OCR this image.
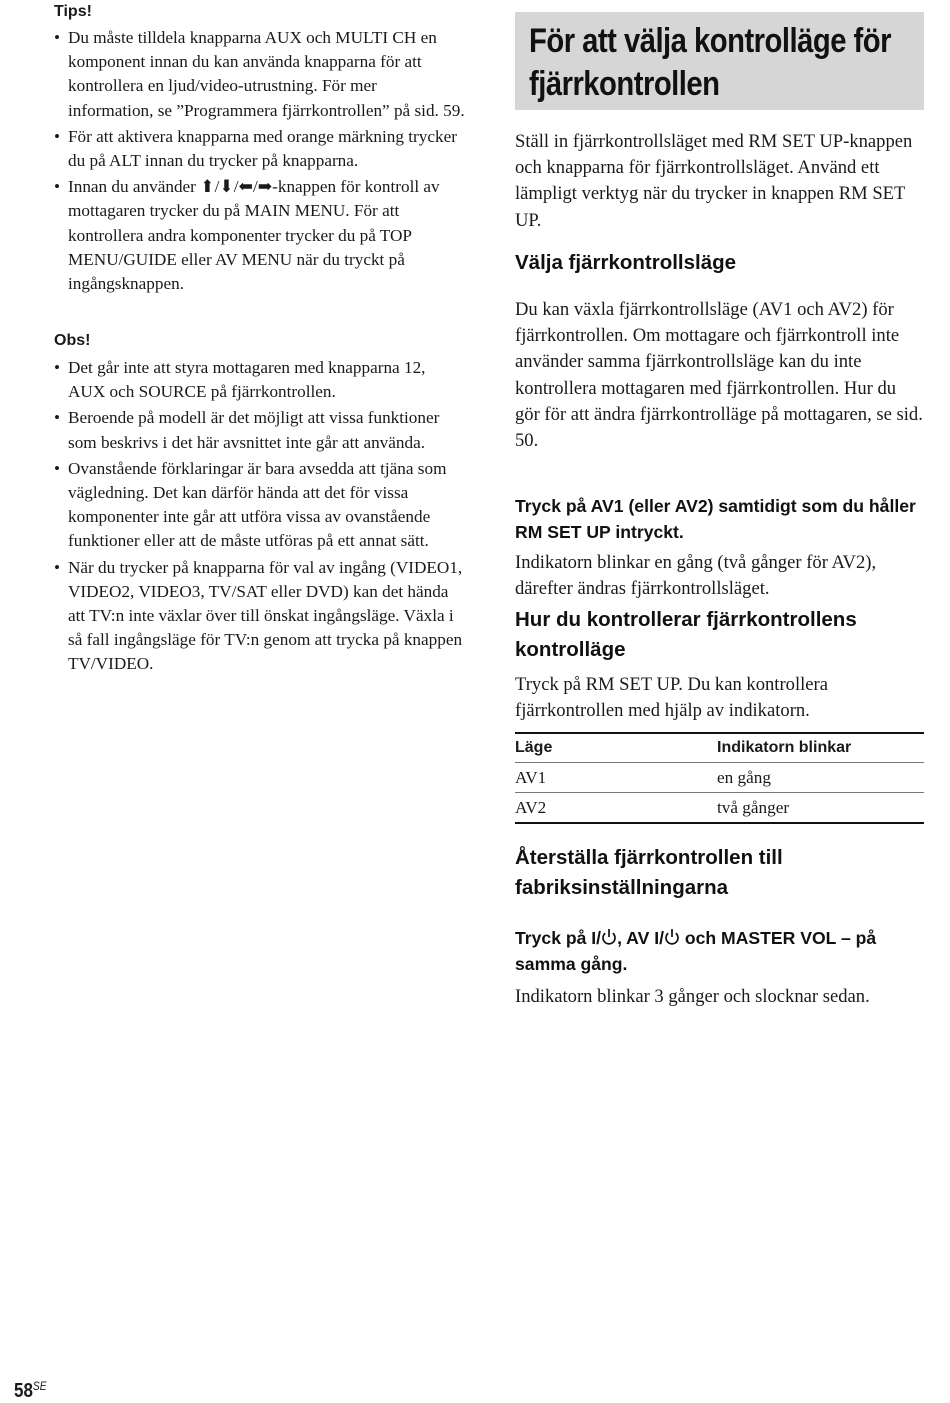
Tips!

• Du måste tilldela knapparna AUX och MULTI CH en komponent innan du kan använda knapparna för att kontrollera en ljud/video-utrustning. För mer information, se ”Programmera fjärrkontrollen” på sid. 59.
• För att aktivera knapparna med orange märkning trycker du på ALT innan du trycker på knapparna.
• Innan du använder ⬆/⬇/⬅/➡-knappen för kontroll av mottagaren trycker du på MAIN MENU. För att kontrollera andra komponenter trycker du på TOP MENU/GUIDE eller AV MENU när du tryckt på ingångsknappen.

Obs!

• Det går inte att styra mottagaren med knapparna 12, AUX och SOURCE på fjärrkontrollen.
• Beroende på modell är det möjligt att vissa funktioner som beskrivs i det här avsnittet inte går att använda.
• Ovanstående förklaringar är bara avsedda att tjäna som vägledning. Det kan därför hända att det för vissa komponenter inte går att utföra vissa av ovanstående funktioner eller att de måste utföras på ett annat sätt.
• När du trycker på knapparna för val av ingång (VIDEO1, VIDEO2, VIDEO3, TV/SAT eller DVD) kan det hända att TV:n inte växlar över till önskat ingångsläge. Växla i så fall ingångsläge för TV:n genom att trycka på knappen TV/VIDEO.
För att välja kontrolläge för fjärrkontrollen

Ställ in fjärrkontrollsläget med RM SET UP-knappen och knapparna för fjärrkontrollsläget. Använd ett lämpligt verktyg när du trycker in knappen RM SET UP.

Välja fjärrkontrollsläge

Du kan växla fjärrkontrollsläge (AV1 och AV2) för fjärrkontrollen. Om mottagare och fjärrkontroll inte använder samma fjärrkontrollsläge kan du inte kontrollera mottagaren med fjärrkontrollen. Hur du gör för att ändra fjärrkontrolläge på mottagaren, se sid. 50.

Tryck på AV1 (eller AV2) samtidigt som du håller RM SET UP intryckt.

Indikatorn blinkar en gång (två gånger för AV2), därefter ändras fjärrkontrollsläget.

Hur du kontrollerar fjärrkontrollens kontrolläge

Tryck på RM SET UP. Du kan kontrollera fjärrkontrollen med hjälp av indikatorn.

Läge	Indikatorn blinkar
AV1	en gång
AV2	två gånger
Återställa fjärrkontrollen till fabriksinställningarna

Tryck på I/ , AV I/ och MASTER VOL – på samma gång.

Indikatorn blinkar 3 gånger och slocknar sedan.

$58^{SE}$
